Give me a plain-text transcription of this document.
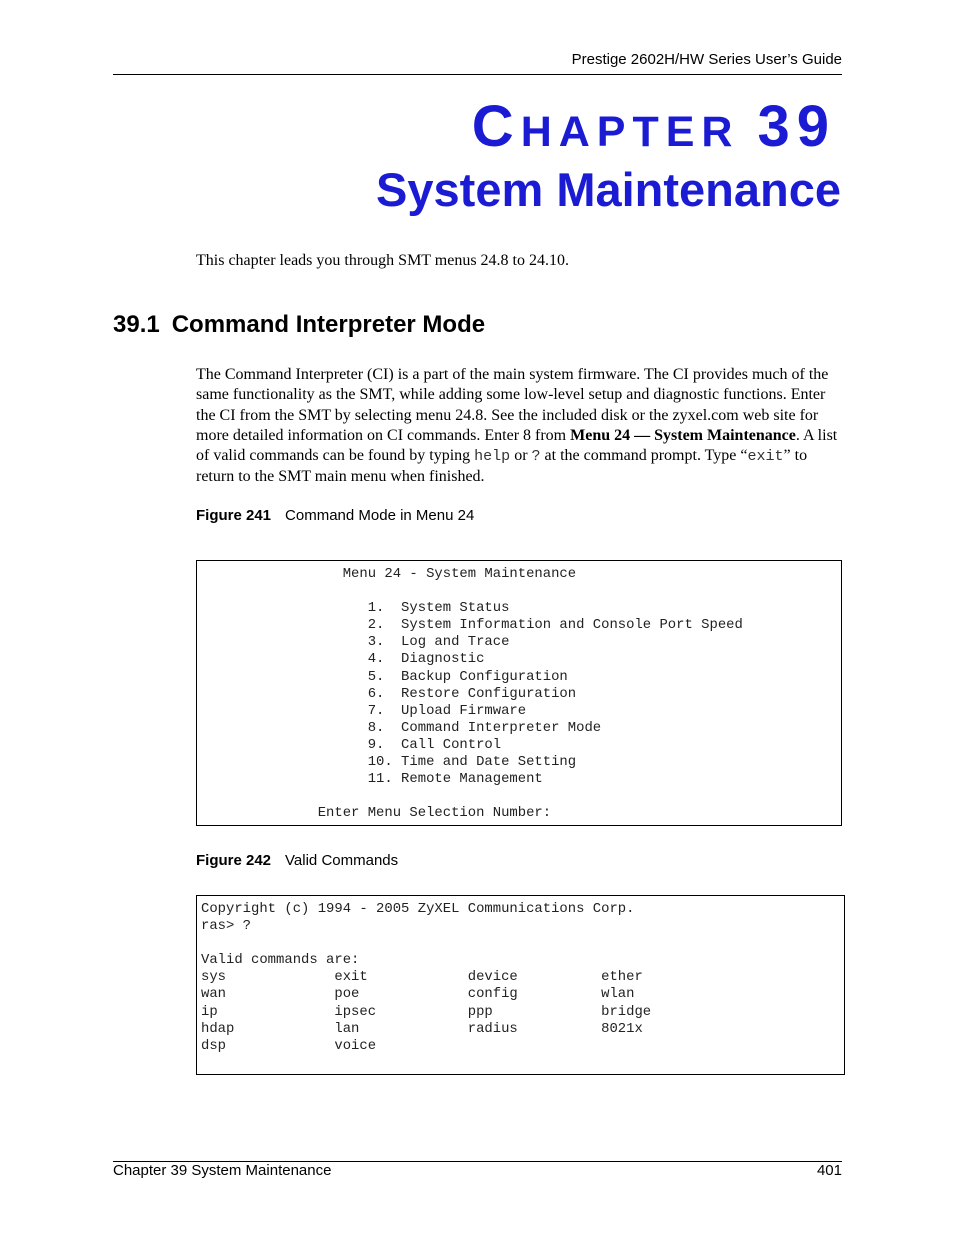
Prestige 2602H/HW Series User’s Guide
CHAPTER 39
System Maintenance
This chapter leads you through SMT menus 24.8 to 24.10.
39.1 Command Interpreter Mode
The Command Interpreter (CI) is a part of the main system firmware. The CI provides much of the same functionality as the SMT, while adding some low-level setup and diagnostic functions. Enter the CI from the SMT by selecting menu 24.8. See the included disk or the zyxel.com web site for more detailed information on CI commands. Enter 8 from Menu 24 — System Maintenance. A list of valid commands can be found by typing help or ? at the command prompt. Type “exit” to return to the SMT main menu when finished.
Figure 241 Command Mode in Menu 24
Menu 24 - System Maintenance

1.  System Status
2.  System Information and Console Port Speed
3.  Log and Trace
4.  Diagnostic
5.  Backup Configuration
6.  Restore Configuration
7.  Upload Firmware
8.  Command Interpreter Mode
9.  Call Control
10. Time and Date Setting
11. Remote Management

Enter Menu Selection Number:
Figure 242 Valid Commands
Copyright (c) 1994 - 2005 ZyXEL Communications Corp.
ras> ?

Valid commands are:
sys             exit            device          ether
wan             poe             config          wlan
ip              ipsec           ppp             bridge
hdap            lan             radius          8021x
dsp             voice
Chapter 39 System Maintenance	401
